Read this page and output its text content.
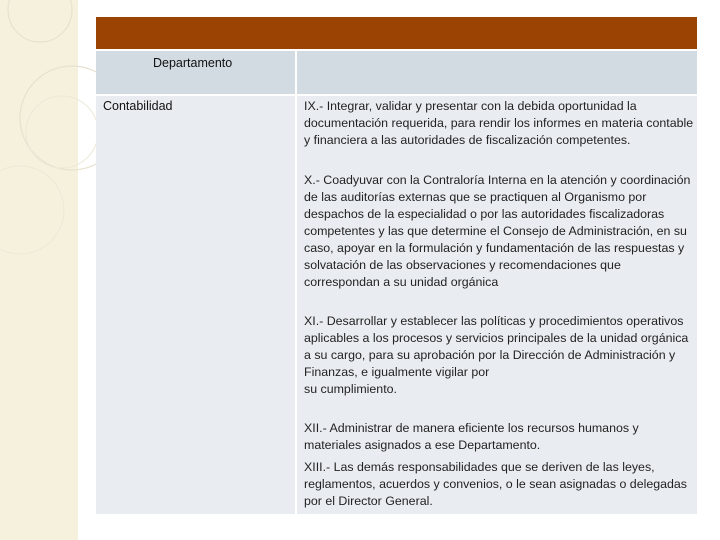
Departamento
Contabilidad	IX.- Integrar, validar y presentar con la debida oportunidad la documentación requerida, para rendir los informes en materia contable y financiera a las autoridades de fiscalización competentes.

X.- Coadyuvar con la Contraloría Interna en la atención y coordinación de las auditorías externas que se practiquen al Organismo por despachos de la especialidad o por las autoridades fiscalizadoras competentes y las que determine el Consejo de Administración, en su caso, apoyar en la formulación y fundamentación de las respuestas y solvatación de las observaciones y recomendaciones que correspondan a su unidad orgánica

XI.- Desarrollar y establecer las políticas y procedimientos operativos aplicables a los procesos y servicios principales de la unidad orgánica a su cargo, para su aprobación por la Dirección de Administración y Finanzas, e igualmente vigilar por
su cumplimiento.

XII.- Administrar de manera eficiente los recursos humanos y materiales asignados a ese Departamento.

XIII.- Las demás responsabilidades que se deriven de las leyes, reglamentos, acuerdos y convenios, o le sean asignadas o delegadas por el Director General.
